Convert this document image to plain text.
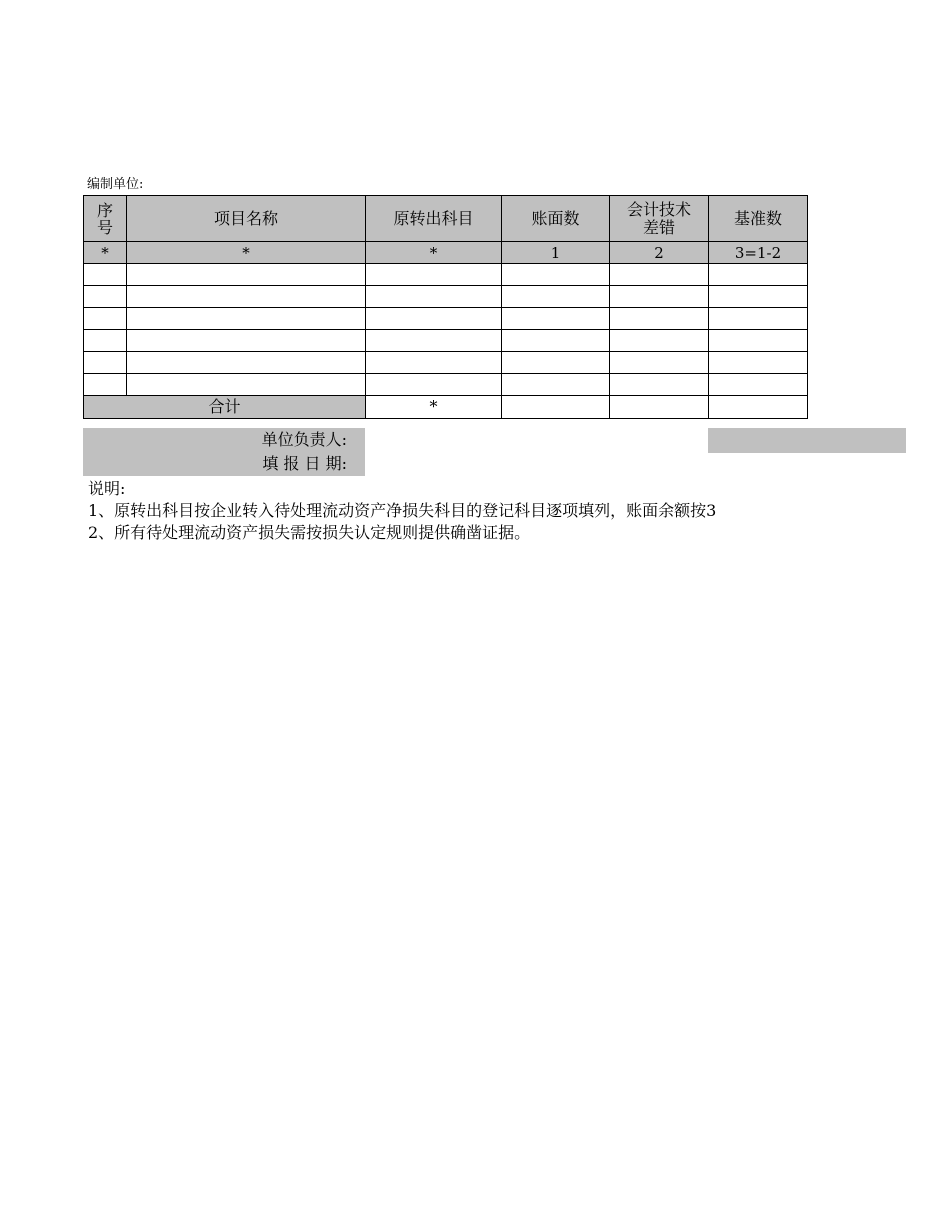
编制单位:
序号	项目名称	原转出科目	账面数	会计技术差错	基准数
*	*	*	1	2	3=1-2

合计		*			
单位负责人:
填 报 日 期:
说明:
1、原转出科目按企业转入待处理流动资产净损失科目的登记科目逐项填列，账面余额按3
2、所有待处理流动资产损失需按损失认定规则提供确凿证据。
